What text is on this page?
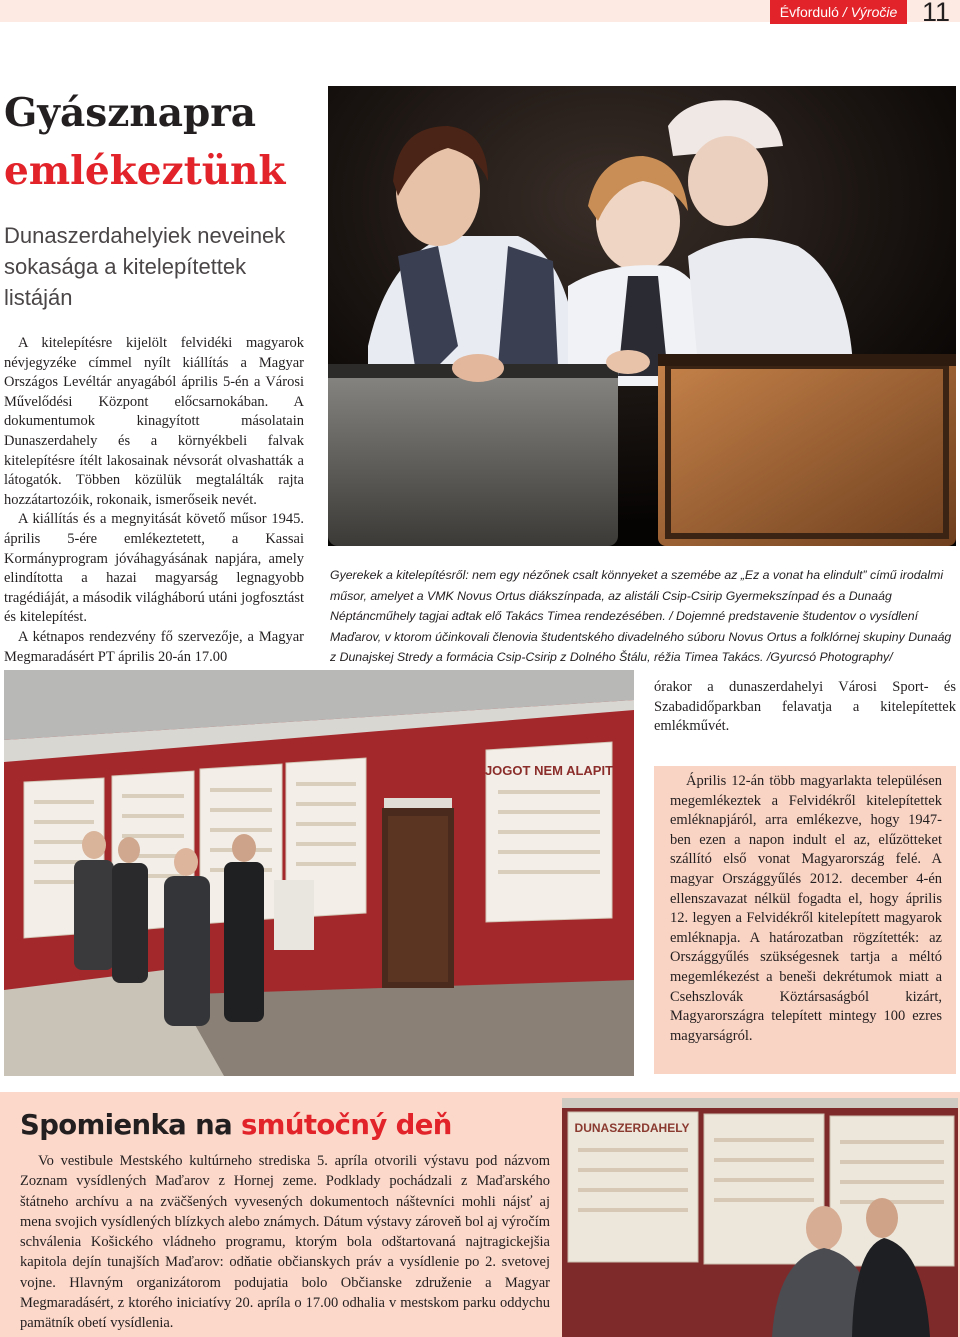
Évforduló / Výročie 11
Gyásznapra
emlékeztünk
Dunaszerdahelyiek neveinek sokasága a kitelepítettek listáján

A kitelepítésre kijelölt felvidéki magyarok névjegyzéke címmel nyílt kiállítás a Magyar Országos Levéltár anyagából április 5-én a Városi Művelődési Központ előcsarnokában. A dokumentumok kinagyított másolatain Dunaszerdahely és a környékbeli falvak kitelepítésre ítélt lakosainak névsorát olvashatták a látogatók. Többen közülük megtalálták rajta hozzátartozóik, rokonaik, ismerőseik nevét.

A kiállítás és a megnyitását követő műsor 1945. április 5-ére emlékeztetett, a Kassai Kormányprogram jóváhagyásának napjára, amely elindította a hazai magyarság legnagyobb tragédiáját, a második világháború utáni jogfosztást és kitelepítést.

A kétnapos rendezvény fő szervezője, a Magyar Megmaradásért PT április 20-án 17.00

Gyerekek a kitelepítésről: nem egy nézőnek csalt könnyeket a szemébe az „Ez a vonat ha elindult” című irodalmi műsor, amelyet a VMK Novus Ortus diákszínpada, az alistáli Csip-Csirip Gyermekszínpad és a Dunaág Néptáncműhely tagjai adtak elő Takács Timea rendezésében. / Dojemné predstavenie študentov o vysídlení Maďarov, v ktorom účinkovali členovia študentského divadelného súboru Novus Ortus a folklórnej skupiny Dunaág z Dunajskej Stredy a formácia Csip-Csirip z Dolného Štálu, réžia Timea Takács. /Gyurcsó Photography/
JOGOT NEM ALAPIT
órakor a dunaszerdahelyi Városi Sport- és Szabadidőparkban felavatja a kitelepítettek emlékművét.

Április 12-án több magyarlakta településen megemlékeztek a Felvidékről kitelepítettek emléknapjáról, arra emlékezve, hogy 1947-ben ezen a napon indult el az, elűzötteket szállító első vonat Magyarország felé. A magyar Országgyűlés 2012. december 4-én ellenszavazat nélkül fogadta el, hogy április 12. legyen a Felvidékről kitelepített magyarok emléknapja. A határozatban rögzítették: az Országgyűlés szükségesnek tartja a méltó megemlékezést a beneši dekrétumok miatt a Csehszlovák Köztársaságból kizárt, Magyarországra telepített mintegy 100 ezres magyarságról.

Spomienka na smútočný deň

Vo vestibule Mestského kultúrneho strediska 5. apríla otvorili výstavu pod názvom Zoznam vysídlených Maďarov z Hornej zeme. Podklady pochádzali z Maďarského štátneho archívu a na zväčšených vyvesených dokumentoch náštevníci mohli nájsť aj mena svojich vysídlených blízkych alebo známych. Dátum výstavy zároveň bol aj výročím schválenia Košického vládneho programu, ktorým bola odštartovaná najtragickejšia kapitola dejín tunajších Maďarov: odňatie občianskych práv a vysídlenie po 2. svetovej vojne. Hlavným organizátorom podujatia bolo Občianske združenie a Magyar Megmaradásért, z ktorého iniciatívy 20. apríla o 17.00 odhalia v mestskom parku oddychu pamätník obetí vysídlenia.

DUNASZERDAHELY
